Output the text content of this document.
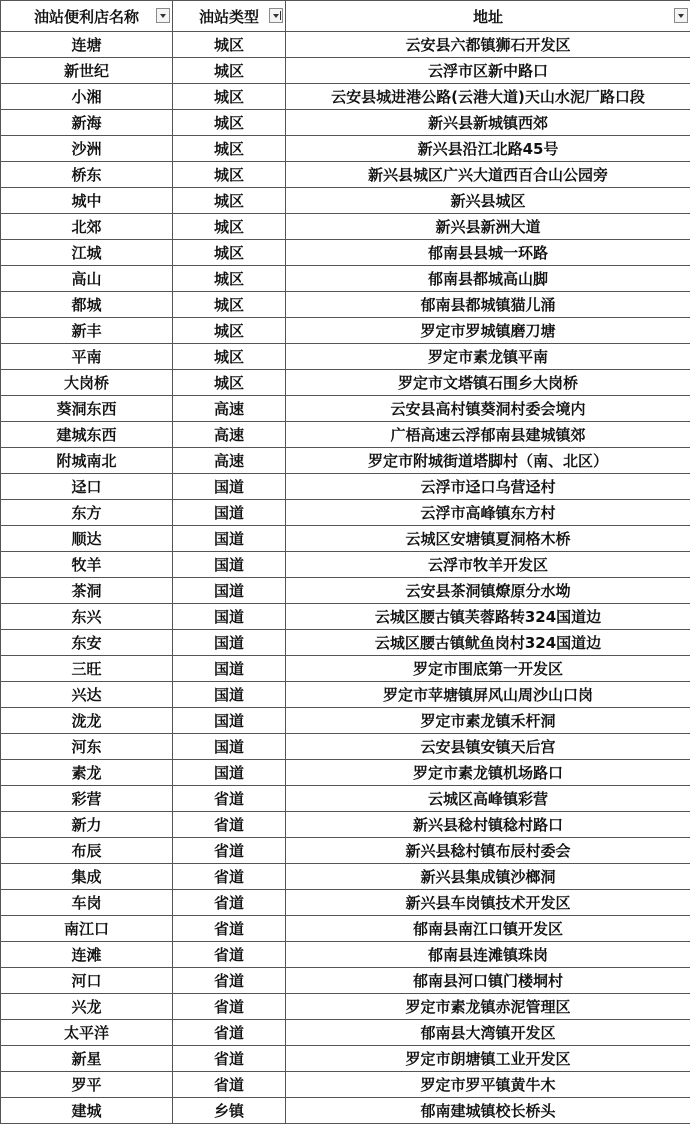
油站便利店名称	油站类型	地址

连塘	城区	云安县六都镇狮石开发区
新世纪	城区	云浮市区新中路口
小湘	城区	云安县城进港公路(云港大道)天山水泥厂路口段
新海	城区	新兴县新城镇西郊
沙洲	城区	新兴县沿江北路45号
桥东	城区	新兴县城区广兴大道西百合山公园旁
城中	城区	新兴县城区
北郊	城区	新兴县新洲大道
江城	城区	郁南县县城一环路
高山	城区	郁南县都城高山脚
都城	城区	郁南县都城镇猫儿涌
新丰	城区	罗定市罗城镇磨刀塘
平南	城区	罗定市素龙镇平南
大岗桥	城区	罗定市文塔镇石围乡大岗桥
葵洞东西	高速	云安县高村镇葵洞村委会境内
建城东西	高速	广梧高速云浮郁南县建城镇郊
附城南北	高速	罗定市附城街道塔脚村（南、北区）
迳口	国道	云浮市迳口乌营迳村
东方	国道	云浮市高峰镇东方村
顺达	国道	云城区安塘镇夏洞格木桥
牧羊	国道	云浮市牧羊开发区
茶洞	国道	云安县茶洞镇燎原分水坳
东兴	国道	云城区腰古镇芙蓉路转324国道边
东安	国道	云城区腰古镇鱿鱼岗村324国道边
三旺	国道	罗定市围底第一开发区
兴达	国道	罗定市苹塘镇屏风山周沙山口岗
泷龙	国道	罗定市素龙镇禾杆洞
河东	国道	云安县镇安镇天后宫
素龙	国道	罗定市素龙镇机场路口
彩营	省道	云城区高峰镇彩营
新力	省道	新兴县稔村镇稔村路口
布辰	省道	新兴县稔村镇布辰村委会
集成	省道	新兴县集成镇沙榔洞
车岗	省道	新兴县车岗镇技术开发区
南江口	省道	郁南县南江口镇开发区
连滩	省道	郁南县连滩镇珠岗
河口	省道	郁南县河口镇门楼垌村
兴龙	省道	罗定市素龙镇赤泥管理区
太平洋	省道	郁南县大湾镇开发区
新星	省道	罗定市朗塘镇工业开发区
罗平	省道	罗定市罗平镇黄牛木
建城	乡镇	郁南建城镇校长桥头
